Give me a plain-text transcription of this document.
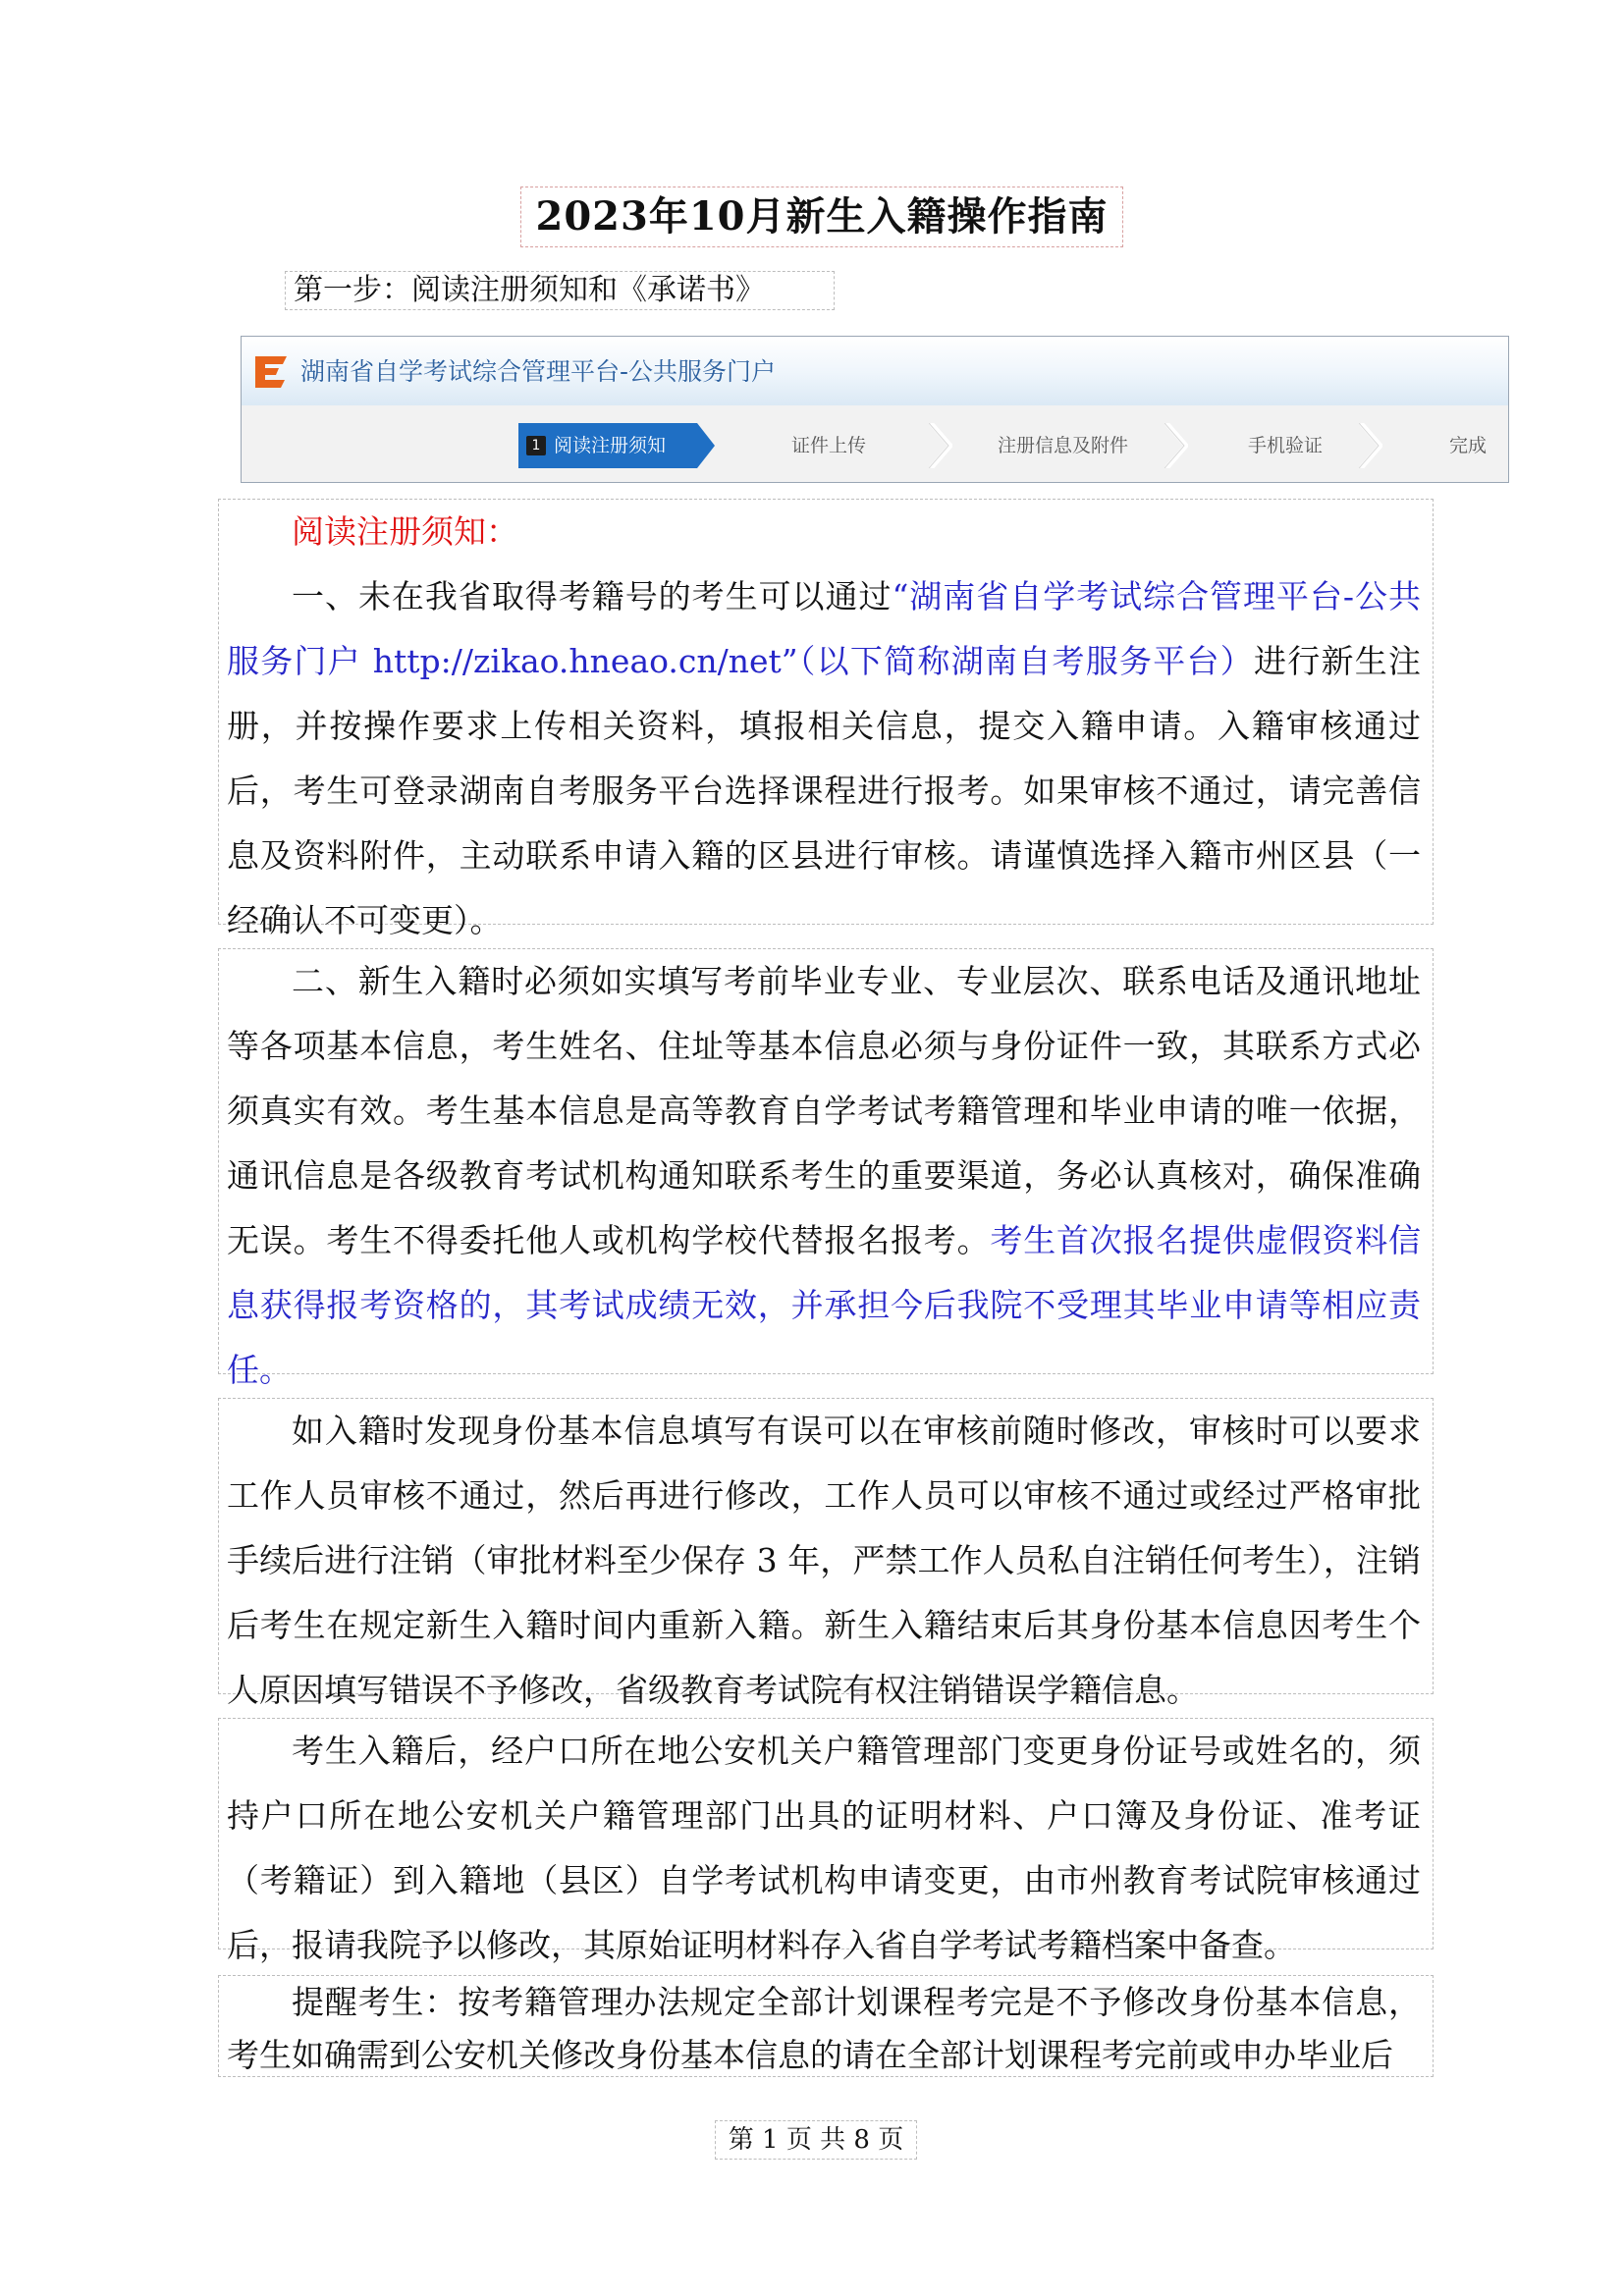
2023年10月新生入籍操作指南
第一步：阅读注册须知和《承诺书》
湖南省自学考试综合管理平台-公共服务门户
1 阅读注册须知	证件上传	注册信息及附件	手机验证	完成
阅读注册须知：

一、未在我省取得考籍号的考生可以通过“湖南省自学考试综合管理平台-公共服务门户 http://zikao.hneao.cn/net”（以下简称湖南自考服务平台）进行新生注册，并按操作要求上传相关资料，填报相关信息，提交入籍申请。入籍审核通过后，考生可登录湖南自考服务平台选择课程进行报考。如果审核不通过，请完善信息及资料附件，主动联系申请入籍的区县进行审核。请谨慎选择入籍市州区县（一经确认不可变更）。

二、新生入籍时必须如实填写考前毕业专业、专业层次、联系电话及通讯地址等各项基本信息，考生姓名、住址等基本信息必须与身份证件一致，其联系方式必须真实有效。考生基本信息是高等教育自学考试考籍管理和毕业申请的唯一依据，通讯信息是各级教育考试机构通知联系考生的重要渠道，务必认真核对，确保准确无误。考生不得委托他人或机构学校代替报名报考。考生首次报名提供虚假资料信息获得报考资格的，其考试成绩无效，并承担今后我院不受理其毕业申请等相应责任。

如入籍时发现身份基本信息填写有误可以在审核前随时修改，审核时可以要求工作人员审核不通过，然后再进行修改，工作人员可以审核不通过或经过严格审批手续后进行注销（审批材料至少保存 3 年，严禁工作人员私自注销任何考生），注销后考生在规定新生入籍时间内重新入籍。新生入籍结束后其身份基本信息因考生个人原因填写错误不予修改，省级教育考试院有权注销错误学籍信息。

考生入籍后，经户口所在地公安机关户籍管理部门变更身份证号或姓名的，须持户口所在地公安机关户籍管理部门出具的证明材料、户口簿及身份证、准考证（考籍证）到入籍地（县区）自学考试机构申请变更，由市州教育考试院审核通过后，报请我院予以修改，其原始证明材料存入省自学考试考籍档案中备查。

提醒考生：按考籍管理办法规定全部计划课程考完是不予修改身份基本信息，考生如确需到公安机关修改身份基本信息的请在全部计划课程考完前或申办毕业后

第 1 页 共 8 页
